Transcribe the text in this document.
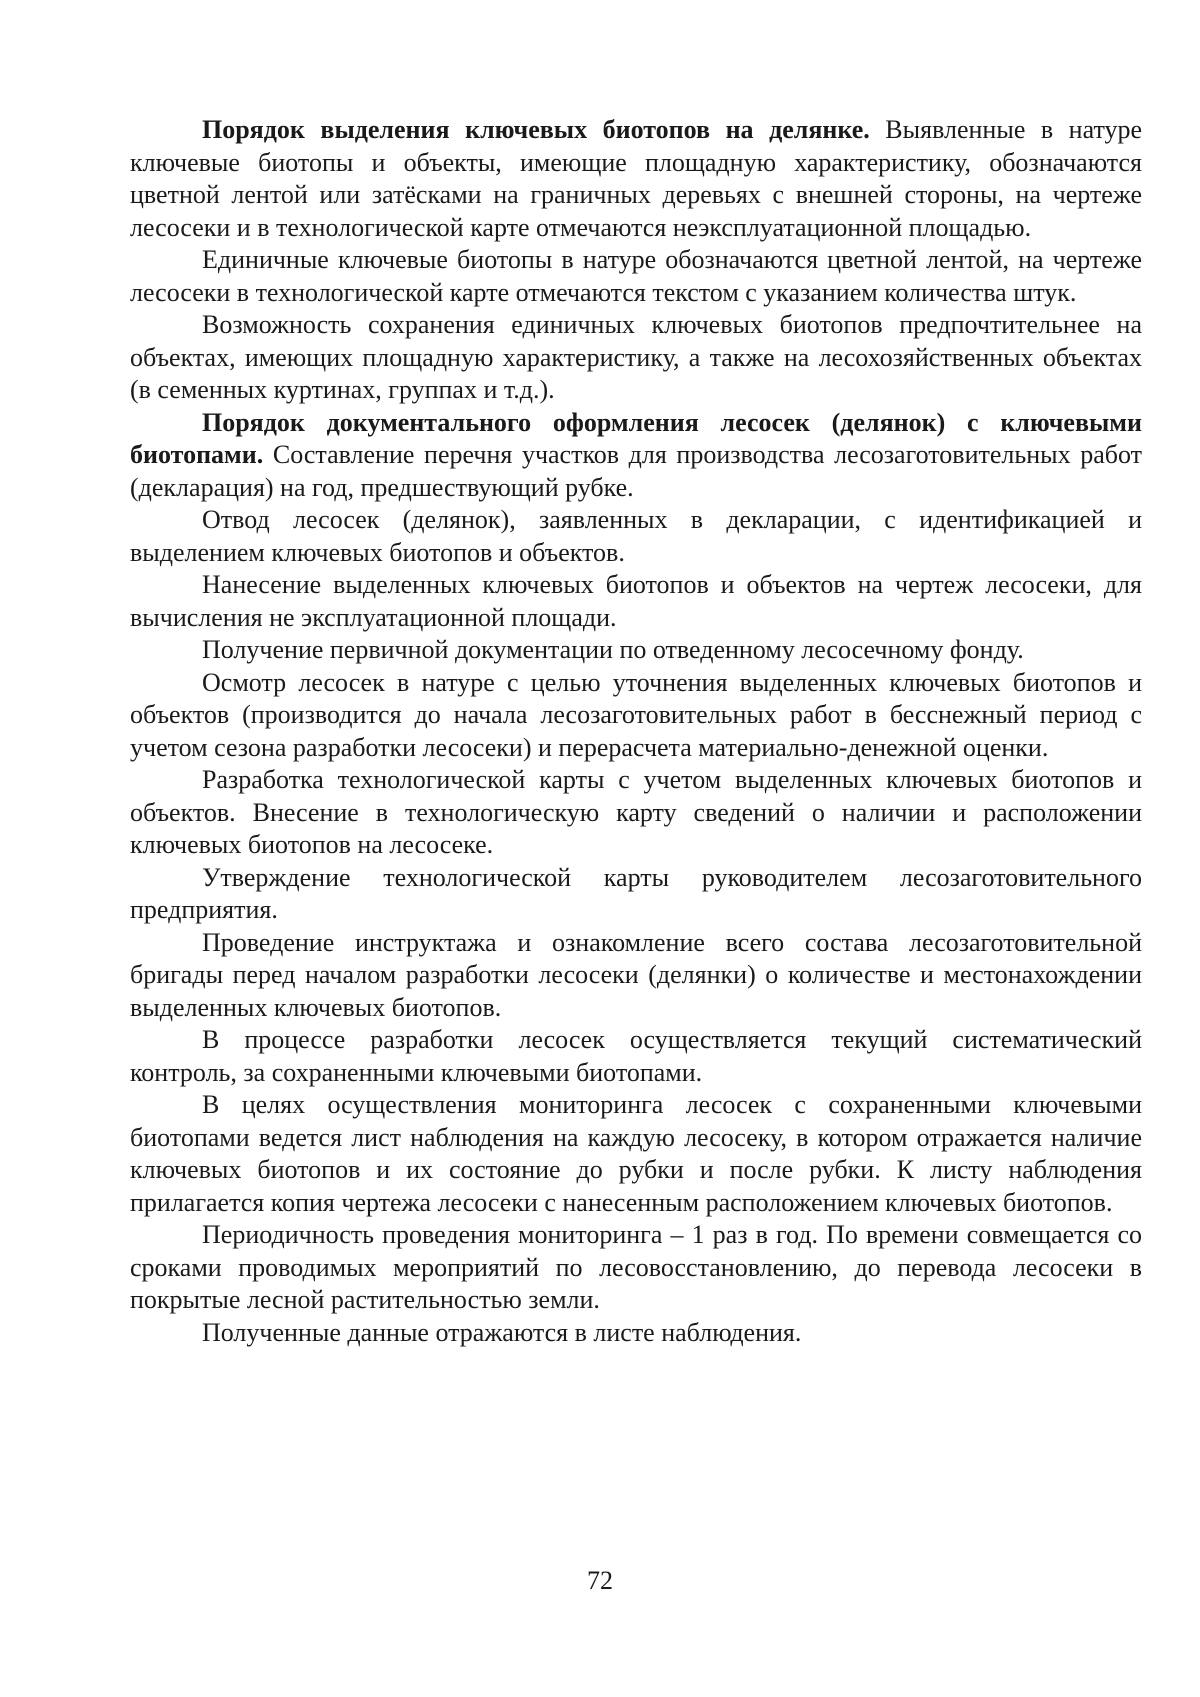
Порядок выделения ключевых биотопов на делянке. Выявленные в натуре ключевые биотопы и объекты, имеющие площадную характеристику, обозначаются цветной лентой или затёсками на граничных деревьях с внешней стороны, на чертеже лесосеки и в технологической карте отмечаются неэксплуатационной площадью.

Единичные ключевые биотопы в натуре обозначаются цветной лентой, на чертеже лесосеки в технологической карте отмечаются текстом с указанием количества штук.

Возможность сохранения единичных ключевых биотопов предпочтительнее на объектах, имеющих площадную характеристику, а также на лесохозяйственных объектах (в семенных куртинах, группах и т.д.).

Порядок документального оформления лесосек (делянок) с ключевыми биотопами. Составление перечня участков для производства лесозаготовительных работ (декларация) на год, предшествующий рубке.

Отвод лесосек (делянок), заявленных в декларации, с идентификацией и выделением ключевых биотопов и объектов.

Нанесение выделенных ключевых биотопов и объектов на чертеж лесосеки, для вычисления не эксплуатационной площади.

Получение первичной документации по отведенному лесосечному фонду.

Осмотр лесосек в натуре с целью уточнения выделенных ключевых биотопов и объектов (производится до начала лесозаготовительных работ в бесснежный период с учетом сезона разработки лесосеки) и перерасчета материально-денежной оценки.

Разработка технологической карты с учетом выделенных ключевых биотопов и объектов. Внесение в технологическую карту сведений о наличии и расположении ключевых биотопов на лесосеке.

Утверждение технологической карты руководителем лесозаготовительного предприятия.

Проведение инструктажа и ознакомление всего состава лесозаготовительной бригады перед началом разработки лесосеки (делянки) о количестве и местонахождении выделенных ключевых биотопов.

В процессе разработки лесосек осуществляется текущий систематический контроль, за сохраненными ключевыми биотопами.

В целях осуществления мониторинга лесосек с сохраненными ключевыми биотопами ведется лист наблюдения на каждую лесосеку, в котором отражается наличие ключевых биотопов и их состояние до рубки и после рубки. К листу наблюдения прилагается копия чертежа лесосеки с нанесенным расположением ключевых биотопов.

Периодичность проведения мониторинга – 1 раз в год. По времени совмещается со сроками проводимых мероприятий по лесовосстановлению, до перевода лесосеки в покрытые лесной растительностью земли.

Полученные данные отражаются в листе наблюдения.

72
